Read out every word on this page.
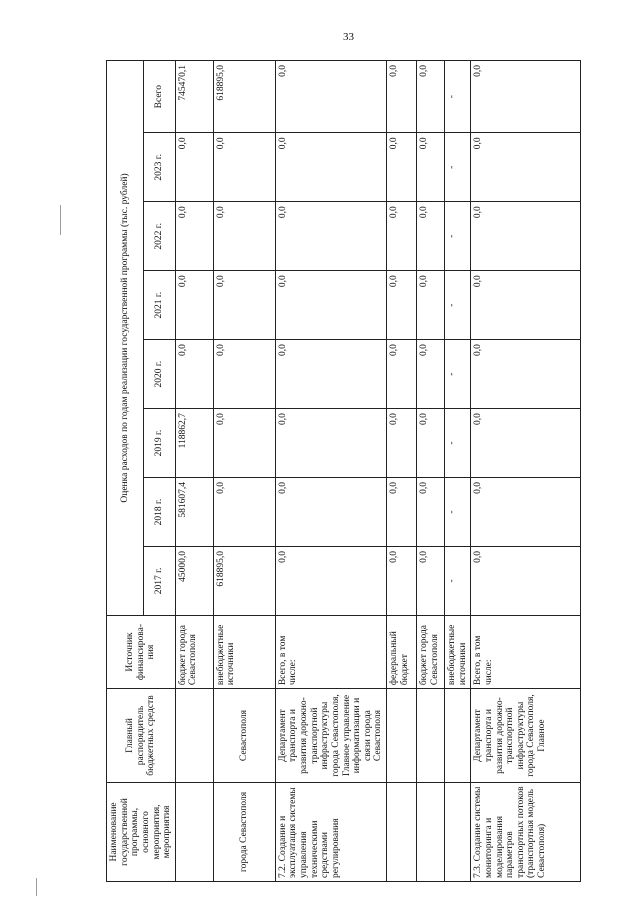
33
Наименование государственной программы, основного мероприятия, мероприятия	Главный распорядитель бюджетных средств	Источник финансирова-ния	Оценка расходов по годам реализации государственной программы (тыс. рублей)							
			2017 г.	2018 г.	2019 г.	2020 г.	2021 г.	2022 г.	2023 г.	Всего
		бюджет города Севастополя	45000,0	581607,4	118862,7	0,0	0,0	0,0	0,0	745470,1
города Севастополя	Севастополя	внебюджетные источники	618895,0	0,0	0,0	0,0	0,0	0,0	0,0	618895,0
7.2. Создание и эксплуатация системы управления техническими средствами регулирования	Департамент транспорта и развития дорожно-транспортной инфраструктуры города Севастополя, Главное управление информатизации и связи города Севастополя	Всего, в том числе:	0,0	0,0	0,0	0,0	0,0	0,0	0,0	0,0
		федеральный бюджет	0,0	0,0	0,0	0,0	0,0	0,0	0,0	0,0
		бюджет города Севастополя	0,0	0,0	0,0	0,0	0,0	0,0	0,0	0,0
		внебюджетные источники	-	-	-	-	-	-	-	-
7.3. Создание системы мониторинга и моделирования параметров транспортных потоков (транспортная модель Севастополя)	Департамент транспорта и развития дорожно-транспортной инфраструктуры города Севастополя, Главное	Всего, в том числе:	0,0	0,0	0,0	0,0	0,0	0,0	0,0	0,0
